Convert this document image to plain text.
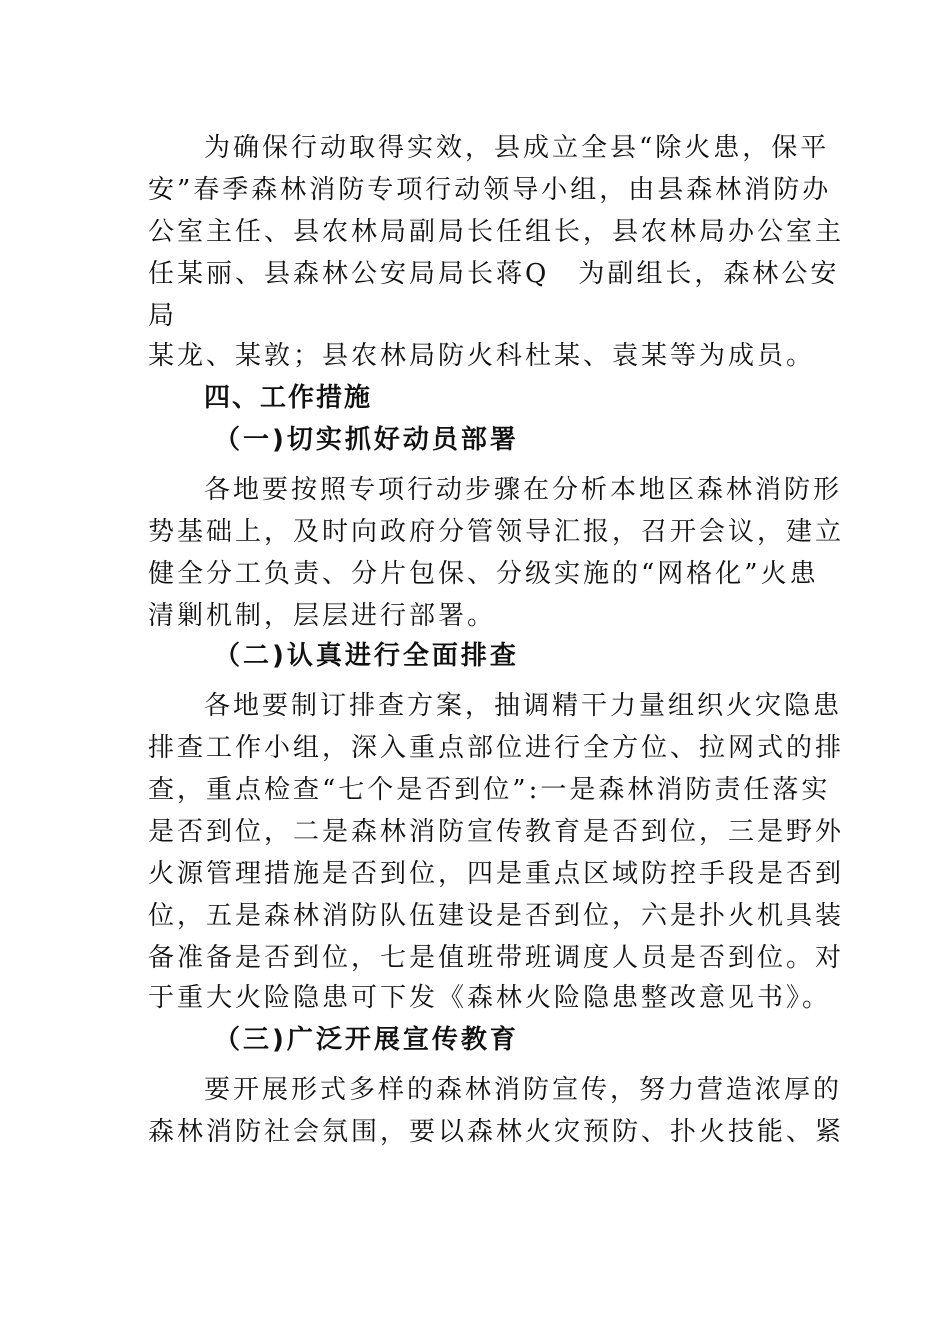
为确保行动取得实效，县成立全县“除火患，保平
安”春季森林消防专项行动领导小组，由县森林消防办
公室主任、县农林局副局长任组长，县农林局办公室主
任某丽、县森林公安局局长蒋Q　为副组长，森林公安
局
某龙、某敦；县农林局防火科杜某、袁某等为成员。
四、工作措施
（一)切实抓好动员部署
各地要按照专项行动步骤在分析本地区森林消防形
势基础上，及时向政府分管领导汇报，召开会议，建立
健全分工负责、分片包保、分级实施的“网格化”火患
清剿机制，层层进行部署。
（二)认真进行全面排查
各地要制订排查方案，抽调精干力量组织火灾隐患
排查工作小组，深入重点部位进行全方位、拉网式的排
查，重点检查“七个是否到位”:一是森林消防责任落实
是否到位，二是森林消防宣传教育是否到位，三是野外
火源管理措施是否到位，四是重点区域防控手段是否到
位，五是森林消防队伍建设是否到位，六是扑火机具装
备准备是否到位，七是值班带班调度人员是否到位。对
于重大火险隐患可下发《森林火险隐患整改意见书》。
（三)广泛开展宣传教育
要开展形式多样的森林消防宣传，努力营造浓厚的
森林消防社会氛围，要以森林火灾预防、扑火技能、紧
